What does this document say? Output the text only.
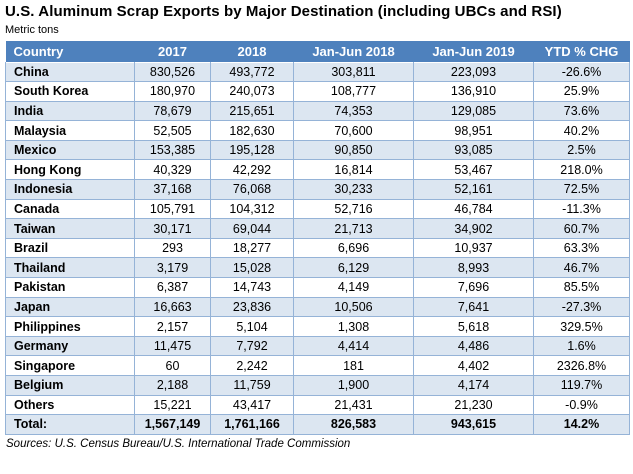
U.S. Aluminum Scrap Exports by Major Destination (including UBCs and RSI)
Metric tons
Country	2017	2018	Jan-Jun 2018	Jan-Jun 2019	YTD % CHG
China	830,526	493,772	303,811	223,093	-26.6%
South Korea	180,970	240,073	108,777	136,910	25.9%
India	78,679	215,651	74,353	129,085	73.6%
Malaysia	52,505	182,630	70,600	98,951	40.2%
Mexico	153,385	195,128	90,850	93,085	2.5%
Hong Kong	40,329	42,292	16,814	53,467	218.0%
Indonesia	37,168	76,068	30,233	52,161	72.5%
Canada	105,791	104,312	52,716	46,784	-11.3%
Taiwan	30,171	69,044	21,713	34,902	60.7%
Brazil	293	18,277	6,696	10,937	63.3%
Thailand	3,179	15,028	6,129	8,993	46.7%
Pakistan	6,387	14,743	4,149	7,696	85.5%
Japan	16,663	23,836	10,506	7,641	-27.3%
Philippines	2,157	5,104	1,308	5,618	329.5%
Germany	11,475	7,792	4,414	4,486	1.6%
Singapore	60	2,242	181	4,402	2326.8%
Belgium	2,188	11,759	1,900	4,174	119.7%
Others	15,221	43,417	21,431	21,230	-0.9%
Total:	1,567,149	1,761,166	826,583	943,615	14.2%
Sources: U.S. Census Bureau/U.S. International Trade Commission
